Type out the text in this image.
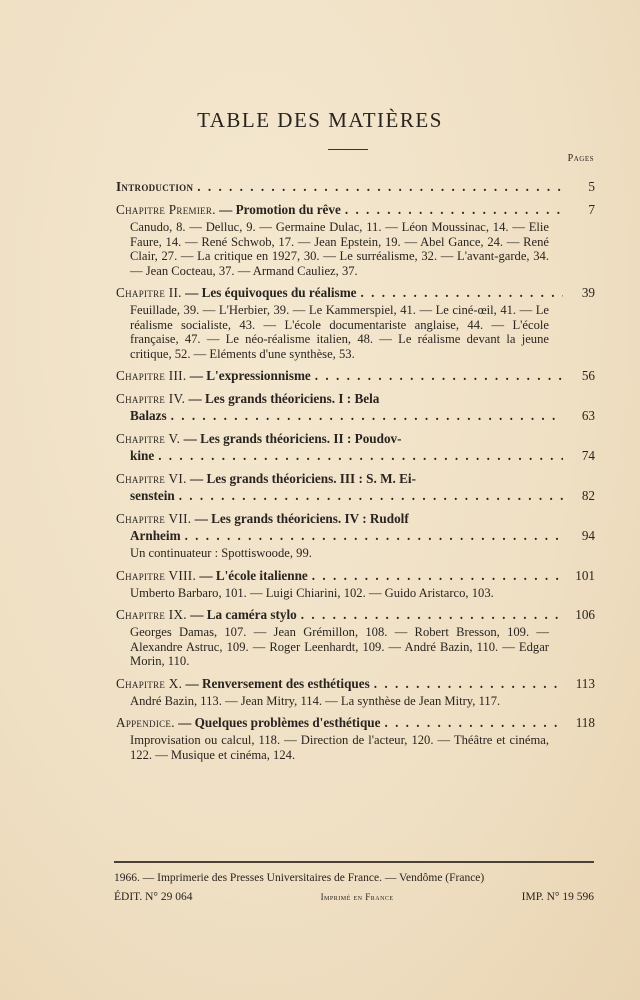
TABLE DES MATIÈRES
Pages
Introduction . . .	5
Chapitre Premier. — Promotion du rêve . . .	7
Canudo, 8. — Delluc, 9. — Germaine Dulac, 11. — Léon Moussinac, 14. — Elie Faure, 14. — René Schwob, 17. — Jean Epstein, 19. — Abel Gance, 24. — René Clair, 27. — La critique en 1927, 30. — Le surréalisme, 32. — L'avant-garde, 34. — Jean Cocteau, 37. — Armand Cauliez, 37.
Chapitre II. — Les équivoques du réalisme . . .	39
Feuillade, 39. — L'Herbier, 39. — Le Kammerspiel, 41. — Le ciné-œil, 41. — Le réalisme socialiste, 43. — L'école documentariste anglaise, 44. — L'école française, 47. — Le néo-réalisme italien, 48. — Le réalisme devant la jeune critique, 52. — Eléments d'une synthèse, 53.
Chapitre III. — L'expressionnisme . . .	56
Chapitre IV. — Les grands théoriciens. I : Bela
Balazs . . .	63
Chapitre V. — Les grands théoriciens. II : Poudov-
kine . . .	74
Chapitre VI. — Les grands théoriciens. III : S. M. Ei-
senstein . . .	82
Chapitre VII. — Les grands théoriciens. IV : Rudolf
Arnheim . . .	94
Un continuateur : Spottiswoode, 99.
Chapitre VIII. — L'école italienne . . .	101
Umberto Barbaro, 101. — Luigi Chiarini, 102. — Guido Aristarco, 103.
Chapitre IX. — La caméra stylo . . .	106
Georges Damas, 107. — Jean Grémillon, 108. — Robert Bresson, 109. — Alexandre Astruc, 109. — Roger Leenhardt, 109. — André Bazin, 110. — Edgar Morin, 110.
Chapitre X. — Renversement des esthétiques . . .	113
André Bazin, 113. — Jean Mitry, 114. — La synthèse de Jean Mitry, 117.
Appendice. — Quelques problèmes d'esthétique . . .	118
Improvisation ou calcul, 118. — Direction de l'acteur, 120. — Théâtre et cinéma, 122. — Musique et cinéma, 124.
1966. — Imprimerie des Presses Universitaires de France. — Vendôme (France)
ÉDIT. N° 29 064	Imprimé en France	IMP. N° 19 596
